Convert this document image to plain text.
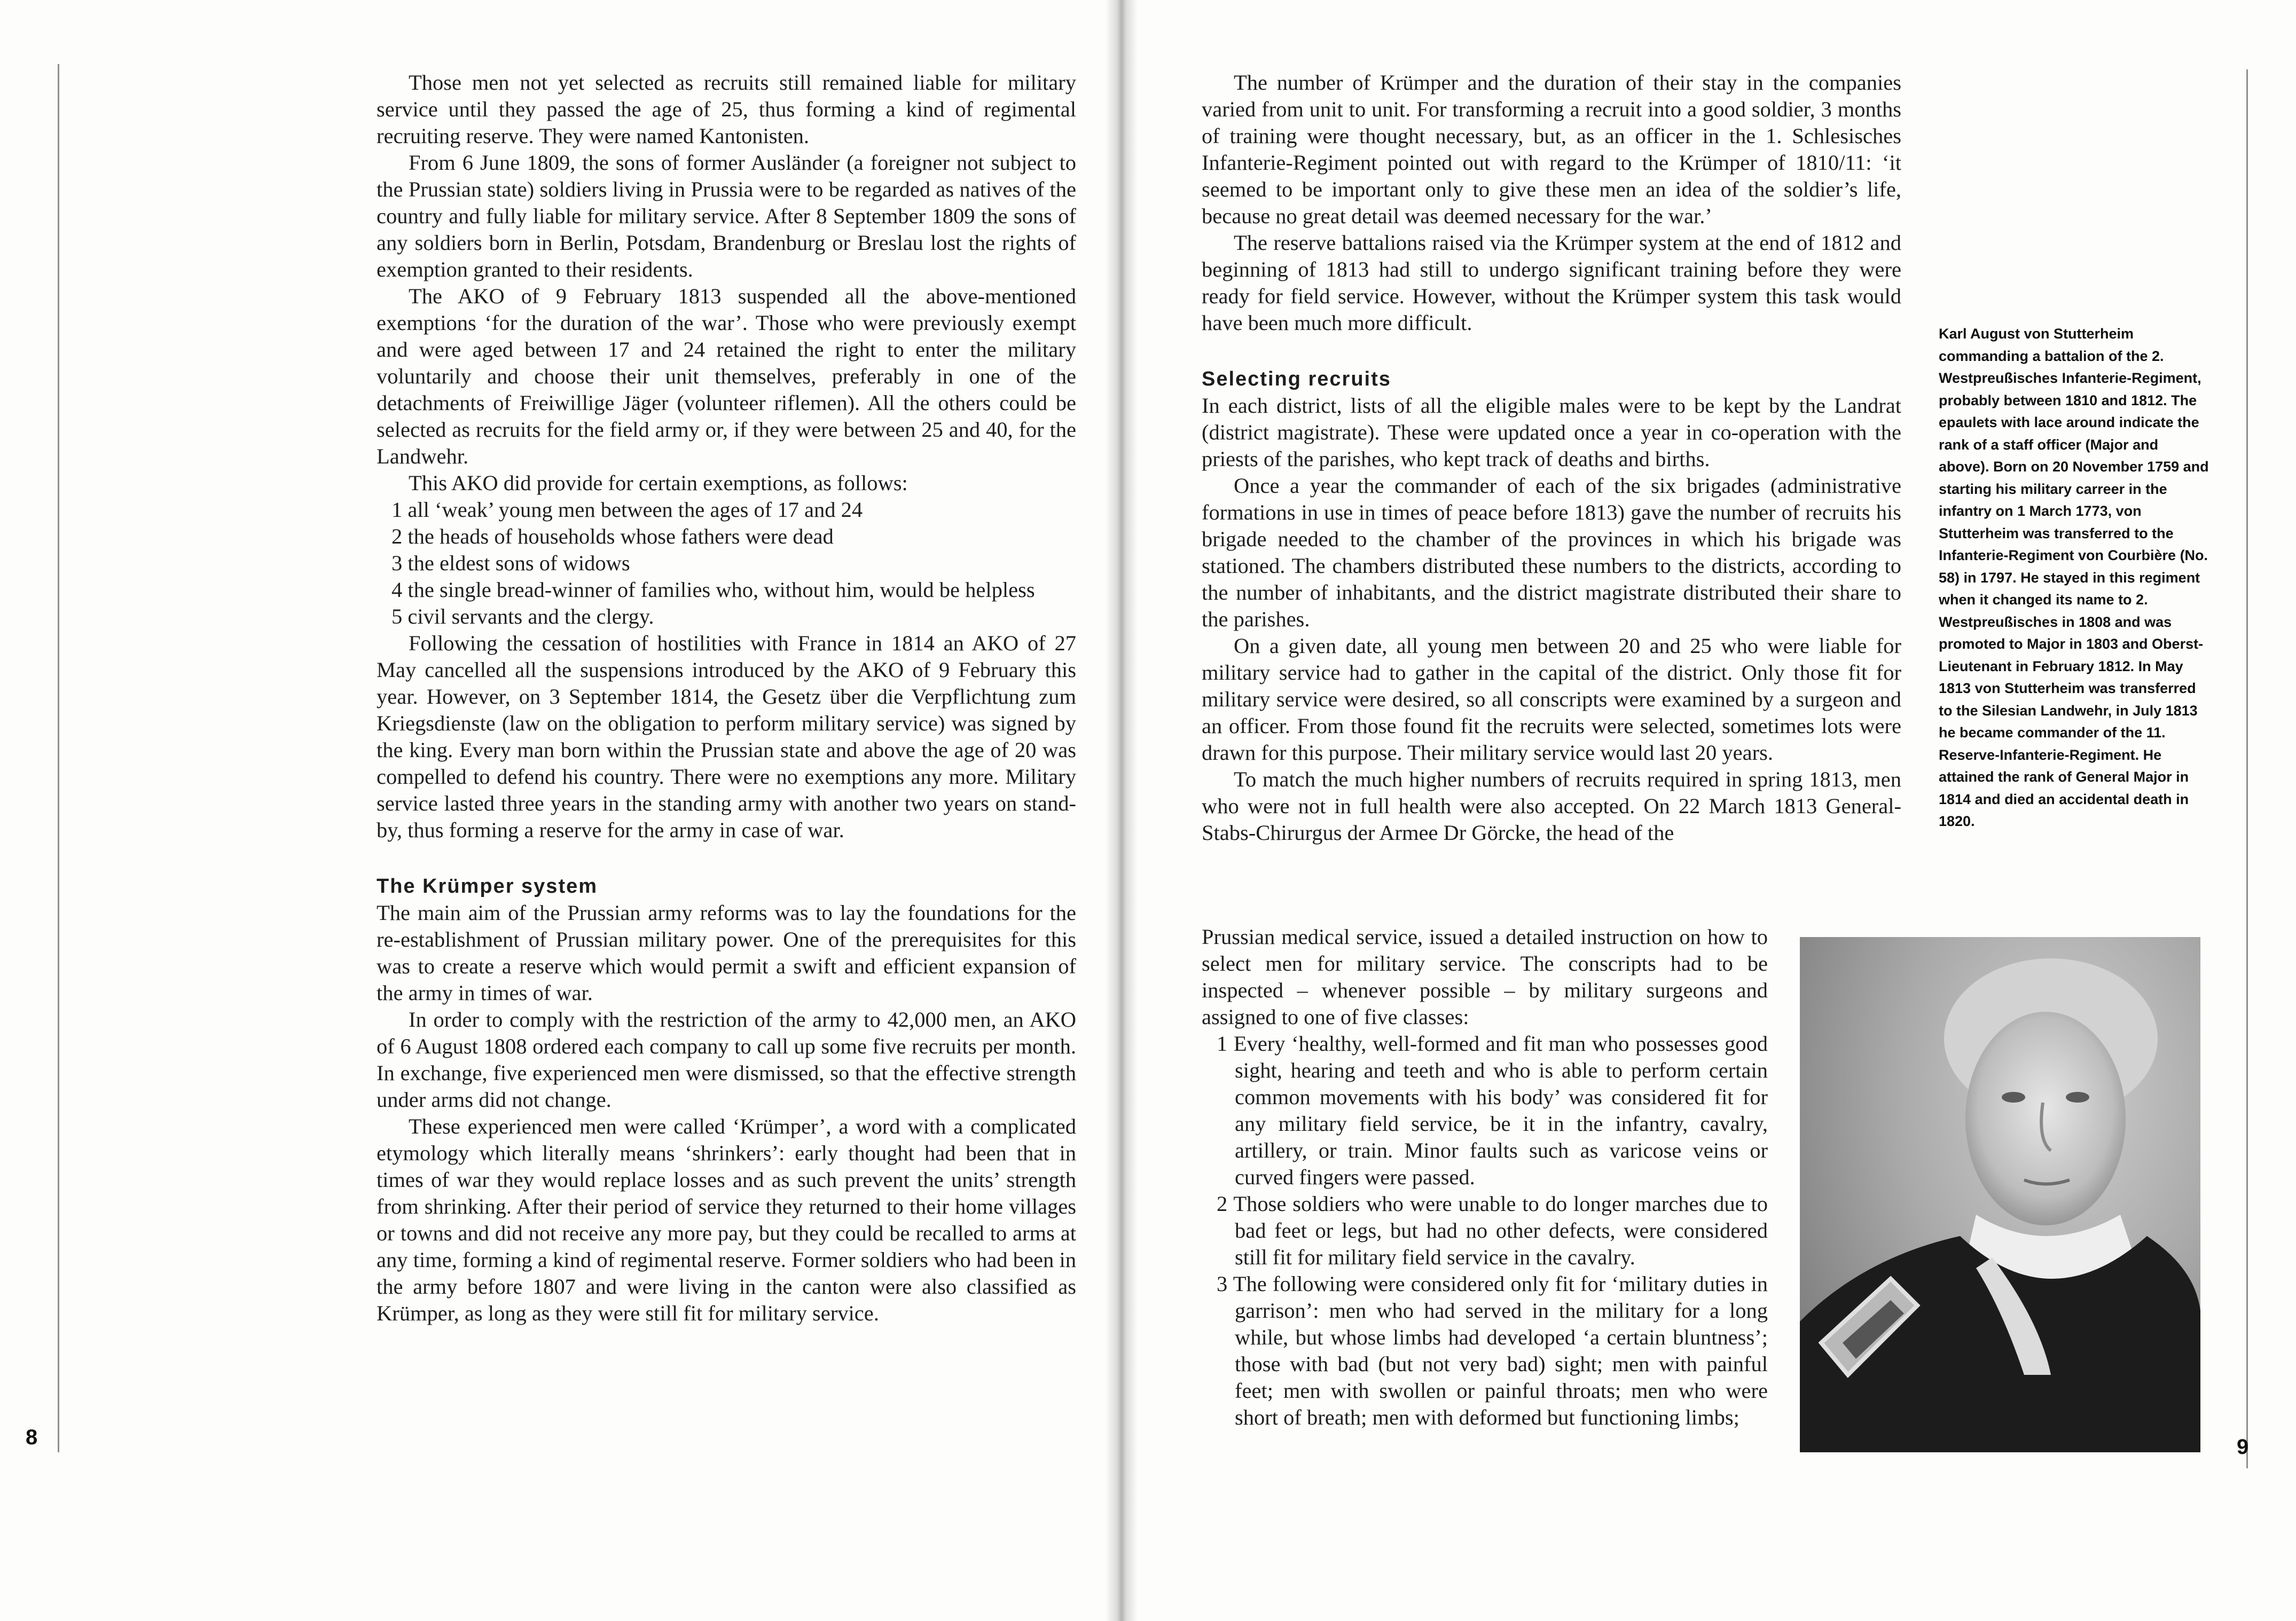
8	9

Those men not yet selected as recruits still remained liable for military service until they passed the age of 25, thus forming a kind of regimental recruiting reserve. They were named Kantonisten.

From 6 June 1809, the sons of former Ausländer (a foreigner not subject to the Prussian state) soldiers living in Prussia were to be regarded as natives of the country and fully liable for military service. After 8 September 1809 the sons of any soldiers born in Berlin, Potsdam, Brandenburg or Breslau lost the rights of exemption granted to their residents.

The AKO of 9 February 1813 suspended all the above-mentioned exemptions ‘for the duration of the war’. Those who were previously exempt and were aged between 17 and 24 retained the right to enter the military voluntarily and choose their unit themselves, preferably in one of the detachments of Freiwillige Jäger (volunteer riflemen). All the others could be selected as recruits for the field army or, if they were between 25 and 40, for the Landwehr.

This AKO did provide for certain exemptions, as follows:

1 all ‘weak’ young men between the ages of 17 and 24
2 the heads of households whose fathers were dead
3 the eldest sons of widows
4 the single bread-winner of families who, without him, would be helpless
5 civil servants and the clergy.

Following the cessation of hostilities with France in 1814 an AKO of 27 May cancelled all the suspensions introduced by the AKO of 9 February this year. However, on 3 September 1814, the Gesetz über die Verpflichtung zum Kriegsdienste (law on the obligation to perform military service) was signed by the king. Every man born within the Prussian state and above the age of 20 was compelled to defend his country. There were no exemptions any more. Military service lasted three years in the standing army with another two years on stand-by, thus forming a reserve for the army in case of war.

The Krümper system

The main aim of the Prussian army reforms was to lay the foundations for the re-establishment of Prussian military power. One of the prerequisites for this was to create a reserve which would permit a swift and efficient expansion of the army in times of war.

In order to comply with the restriction of the army to 42,000 men, an AKO of 6 August 1808 ordered each company to call up some five recruits per month. In exchange, five experienced men were dismissed, so that the effective strength under arms did not change.

These experienced men were called ‘Krümper’, a word with a complicated etymology which literally means ‘shrinkers’: early thought had been that in times of war they would replace losses and as such prevent the units’ strength from shrinking. After their period of service they returned to their home villages or towns and did not receive any more pay, but they could be recalled to arms at any time, forming a kind of regimental reserve. Former soldiers who had been in the army before 1807 and were living in the canton were also classified as Krümper, as long as they were still fit for military service.

The number of Krümper and the duration of their stay in the companies varied from unit to unit. For transforming a recruit into a good soldier, 3 months of training were thought necessary, but, as an officer in the 1. Schlesisches Infanterie-Regiment pointed out with regard to the Krümper of 1810/11: ‘it seemed to be important only to give these men an idea of the soldier’s life, because no great detail was deemed necessary for the war.’

The reserve battalions raised via the Krümper system at the end of 1812 and beginning of 1813 had still to undergo significant training before they were ready for field service. However, without the Krümper system this task would have been much more difficult.

Selecting recruits

In each district, lists of all the eligible males were to be kept by the Landrat (district magistrate). These were updated once a year in co-operation with the priests of the parishes, who kept track of deaths and births.

Once a year the commander of each of the six brigades (administrative formations in use in times of peace before 1813) gave the number of recruits his brigade needed to the chamber of the provinces in which his brigade was stationed. The chambers distributed these numbers to the districts, according to the number of inhabitants, and the district magistrate distributed their share to the parishes.

On a given date, all young men between 20 and 25 who were liable for military service had to gather in the capital of the district. Only those fit for military service were desired, so all conscripts were examined by a surgeon and an officer. From those found fit the recruits were selected, sometimes lots were drawn for this purpose. Their military service would last 20 years.

To match the much higher numbers of recruits required in spring 1813, men who were not in full health were also accepted. On 22 March 1813 General-Stabs-Chirurgus der Armee Dr Görcke, the head of the

Prussian medical service, issued a detailed instruction on how to select men for military service. The conscripts had to be inspected – whenever possible – by military surgeons and assigned to one of five classes:

1 Every ‘healthy, well-formed and fit man who possesses good sight, hearing and teeth and who is able to perform certain common movements with his body’ was considered fit for any military field service, be it in the infantry, cavalry, artillery, or train. Minor faults such as varicose veins or curved fingers were passed.
2 Those soldiers who were unable to do longer marches due to bad feet or legs, but had no other defects, were considered still fit for military field service in the cavalry.
3 The following were considered only fit for ‘military duties in garrison’: men who had served in the military for a long while, but whose limbs had developed ‘a certain bluntness’; those with bad (but not very bad) sight; men with painful feet; men with swollen or painful throats; men who were short of breath; men with deformed but functioning limbs;
Karl August von Stutterheim commanding a battalion of the 2. Westpreußisches Infanterie-Regiment, probably between 1810 and 1812. The epaulets with lace around indicate the rank of a staff officer (Major and above). Born on 20 November 1759 and starting his military carreer in the infantry on 1 March 1773, von Stutterheim was transferred to the Infanterie-Regiment von Courbière (No. 58) in 1797. He stayed in this regiment when it changed its name to 2. Westpreußisches in 1808 and was promoted to Major in 1803 and Oberst-Lieutenant in February 1812. In May 1813 von Stutterheim was transferred to the Silesian Landwehr, in July 1813 he became commander of the 11. Reserve-Infanterie-Regiment. He attained the rank of General Major in 1814 and died an accidental death in 1820.
